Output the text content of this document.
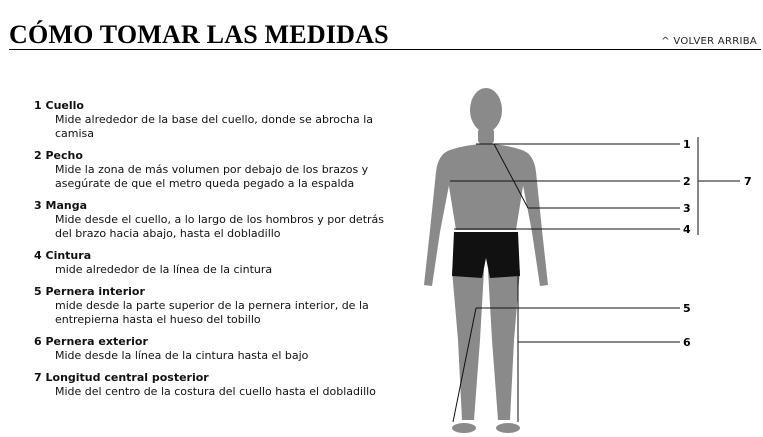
CÓMO TOMAR LAS MEDIDAS	^ VOLVER ARRIBA
1 Cuello
Mide alrededor de la base del cuello, donde se abrocha la camisa
2 Pecho
Mide la zona de más volumen por debajo de los brazos y asegúrate de que el metro queda pegado a la espalda
3 Manga
Mide desde el cuello, a lo largo de los hombros y por detrás del brazo hacia abajo, hasta el dobladillo
4 Cintura
mide alrededor de la línea de la cintura
5 Pernera interior
mide desde la parte superior de la pernera interior, de la entrepierna hasta el hueso del tobillo
6 Pernera exterior
Mide desde la línea de la cintura hasta el bajo
7 Longitud central posterior
Mide del centro de la costura del cuello hasta el dobladillo
1
2
3
4
5
6
7
